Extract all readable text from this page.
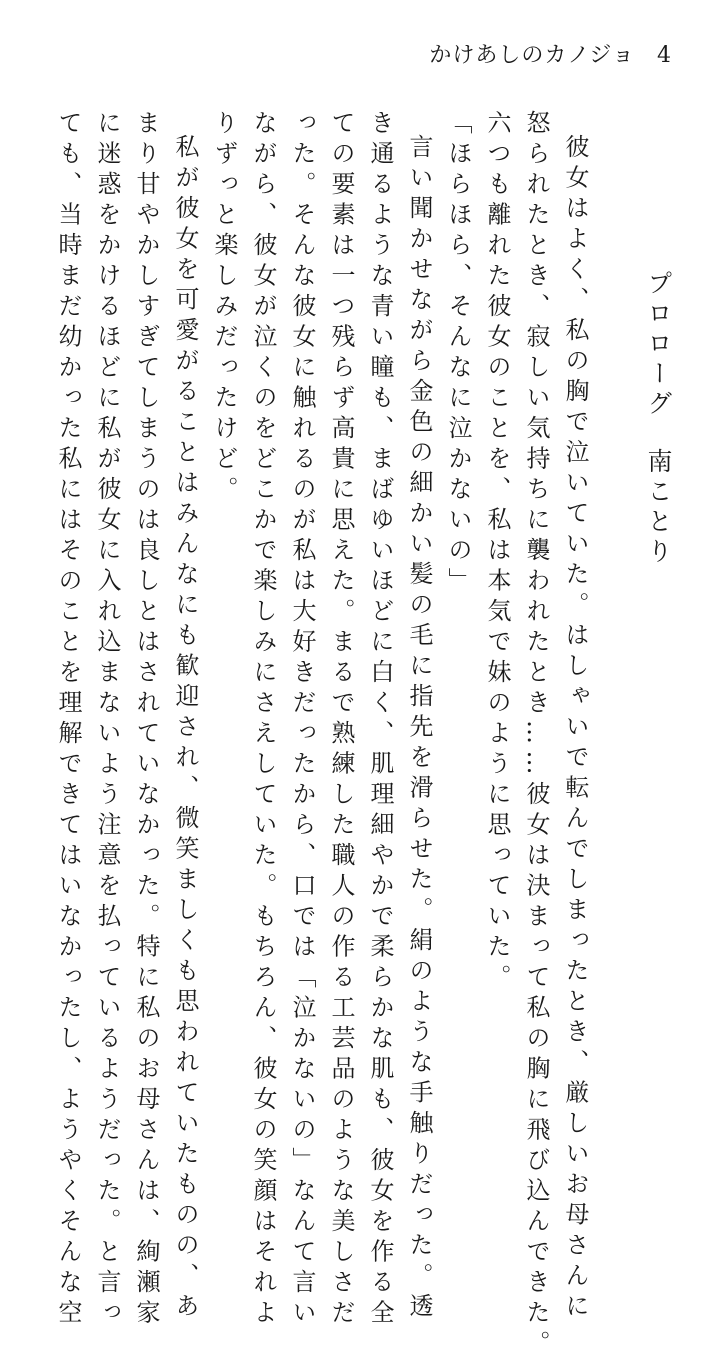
かけあしのカノジョ 4
プロローグ南ことり
彼女はよく、私の胸で泣いていた。はしゃいで転んでしまったとき、厳しいお母さんに
怒られたとき、寂しい気持ちに襲われたとき……彼女は決まって私の胸に飛び込んできた。
六つも離れた彼女のことを、私は本気で妹のように思っていた。
「ほらほら、そんなに泣かないの」
言い聞かせながら金色の細かい髪の毛に指先を滑らせた。絹のような手触りだった。透
き通るような青い瞳も、まばゆいほどに白く、肌理細やかで柔らかな肌も、彼女を作る全
ての要素は一つ残らず高貴に思えた。まるで熟練した職人の作る工芸品のような美しさだ
った。そんな彼女に触れるのが私は大好きだったから、口では「泣かないの」なんて言い
ながら、彼女が泣くのをどこかで楽しみにさえしていた。もちろん、彼女の笑顔はそれよ
りずっと楽しみだったけど。
私が彼女を可愛がることはみんなにも歓迎され、微笑ましくも思われていたものの、あ
まり甘やかしすぎてしまうのは良しとはされていなかった。特に私のお母さんは、絢瀬家
に迷惑をかけるほどに私が彼女に入れ込まないよう注意を払っているようだった。と言っ
ても、当時まだ幼かった私にはそのことを理解できてはいなかったし、ようやくそんな空
